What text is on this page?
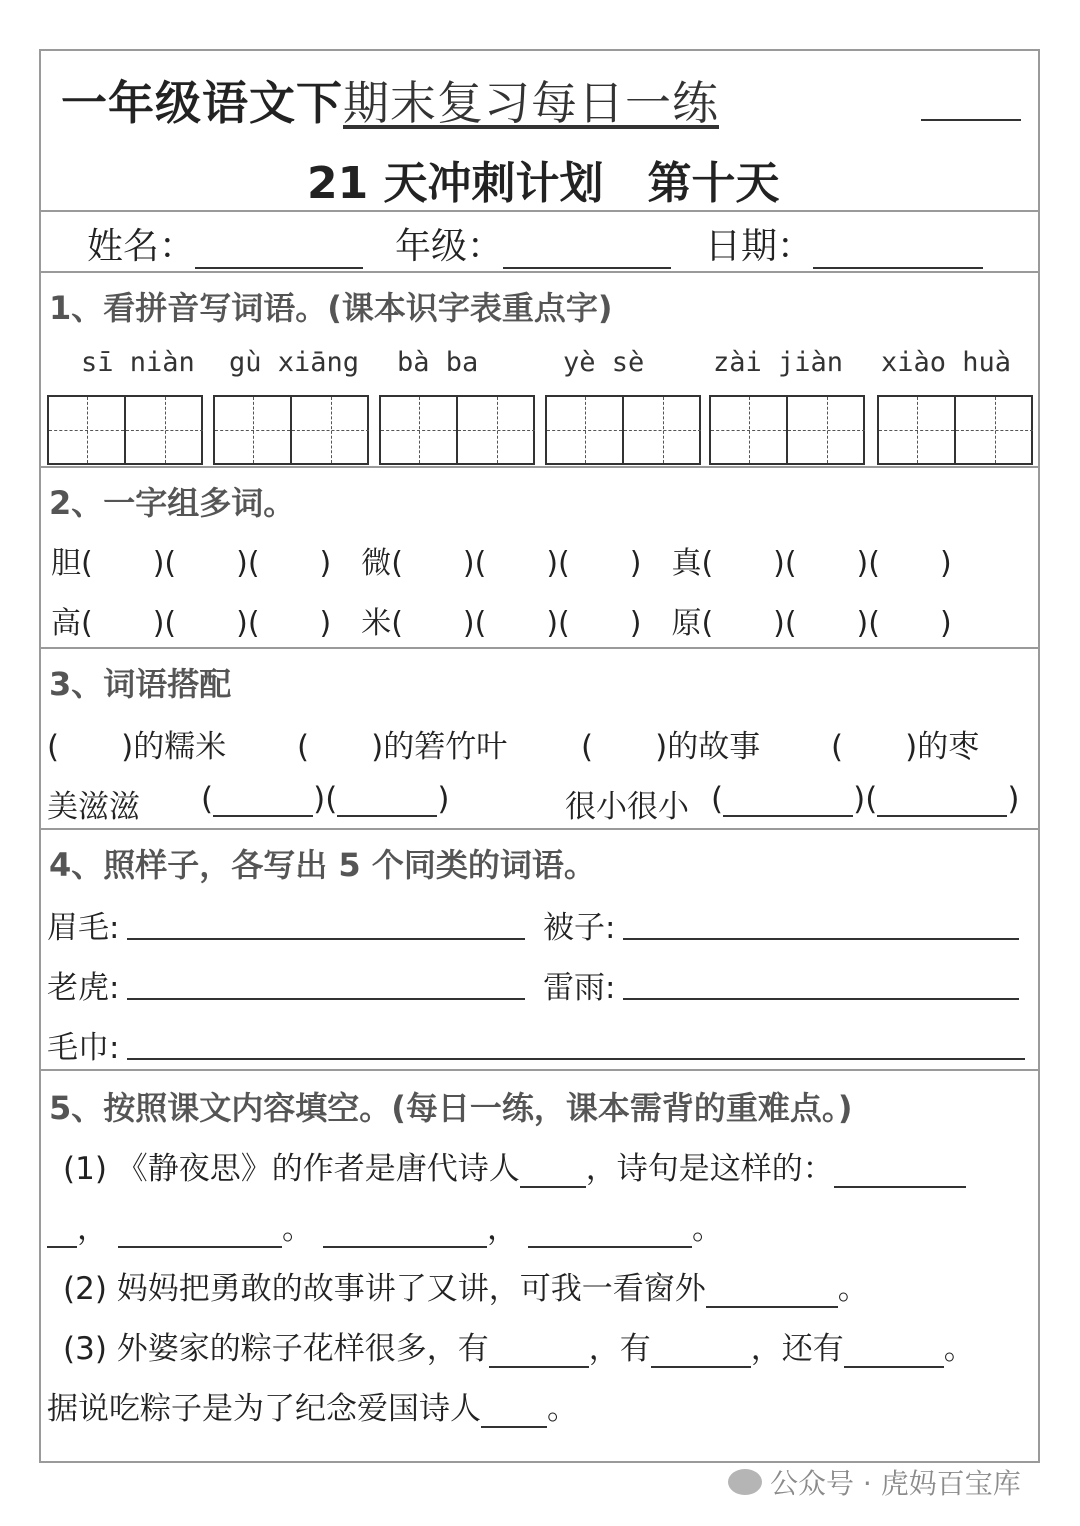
一年级语文下期末复习每日一练
21 天冲刺计划　第十天
姓名：	年级：	日期：
1、看拼音写词语。(课本识字表重点字)
sī niàn gù xiāng bà ba	yè sè	zài jiàn xiào huà
2、一字组多词。
胆(　　)(　　)(　　)　微(　　)(　　)(　　)　真(　　)(　　)(　　)
高(　　)(　　)(　　)　米(　　)(　　)(　　)　原(　　)(　　)(　　)
3、词语搭配
(　　)的糯米 (　　)的箬竹叶 (　　)的故事 (　　)的枣
美滋滋 (	)(	)	很小很小 (	)(	)
4、照样子，各写出 5 个同类的词语。
眉毛:	被子:
老虎:	雷雨:
毛巾:
5、按照课文内容填空。(每日一练，课本需背的重难点。)
(1) 《静夜思》的作者是唐代诗人 ，诗句是这样的：
，	。	，	。
(2) 妈妈把勇敢的故事讲了又讲，可我一看窗外	。
(3) 外婆家的粽子花样很多，有	，有	，还有	。
据说吃粽子是为了纪念爱国诗人 。
公众号 · 虎妈百宝库
